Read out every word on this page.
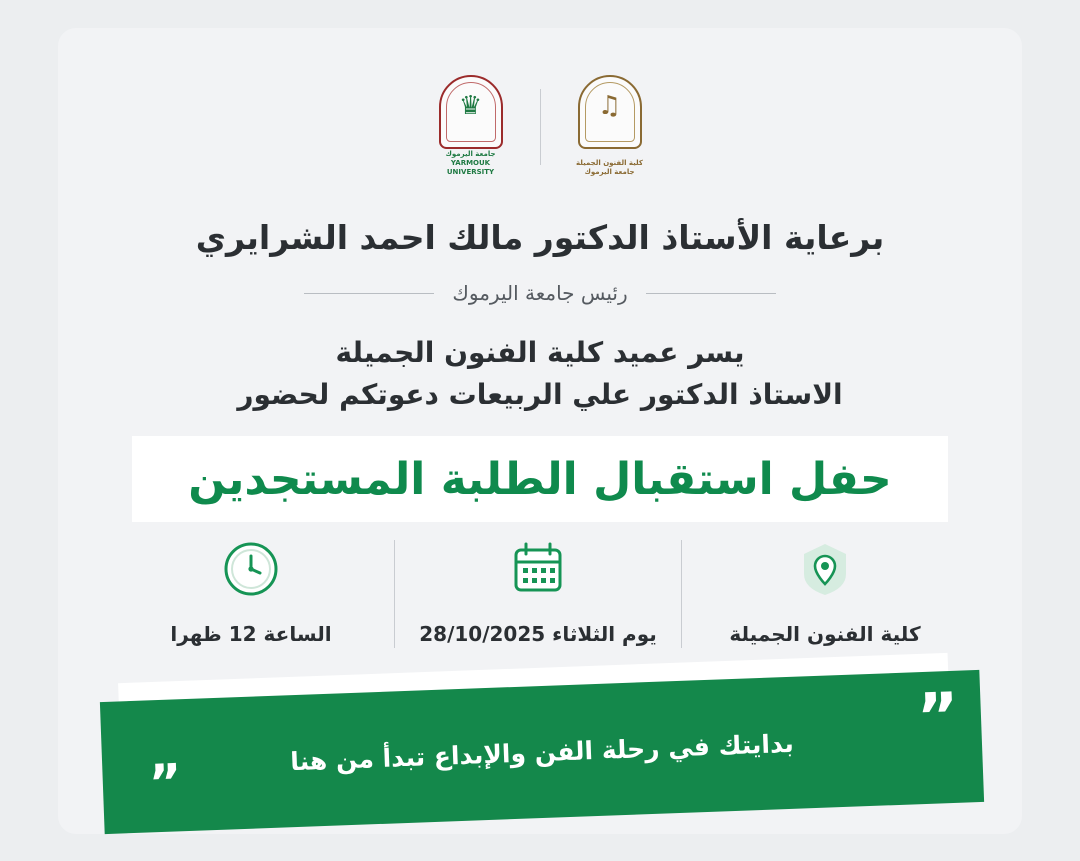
♫
كلية الفنون الجميلة
جامعة اليرموك
♛
جامعة اليرموك
YARMOUK UNIVERSITY
برعاية الأستاذ الدكتور مالك احمد الشرايري
رئيس جامعة اليرموك
يسر عميد كلية الفنون الجميلة
الاستاذ الدكتور علي الربيعات دعوتكم لحضور
حفل استقبال الطلبة المستجدين
كلية الفنون الجميلة
يوم الثلاثاء 28/10/2025
الساعة 12 ظهرا
”
”
بدايتك في رحلة الفن والإبداع تبدأ من هنا
